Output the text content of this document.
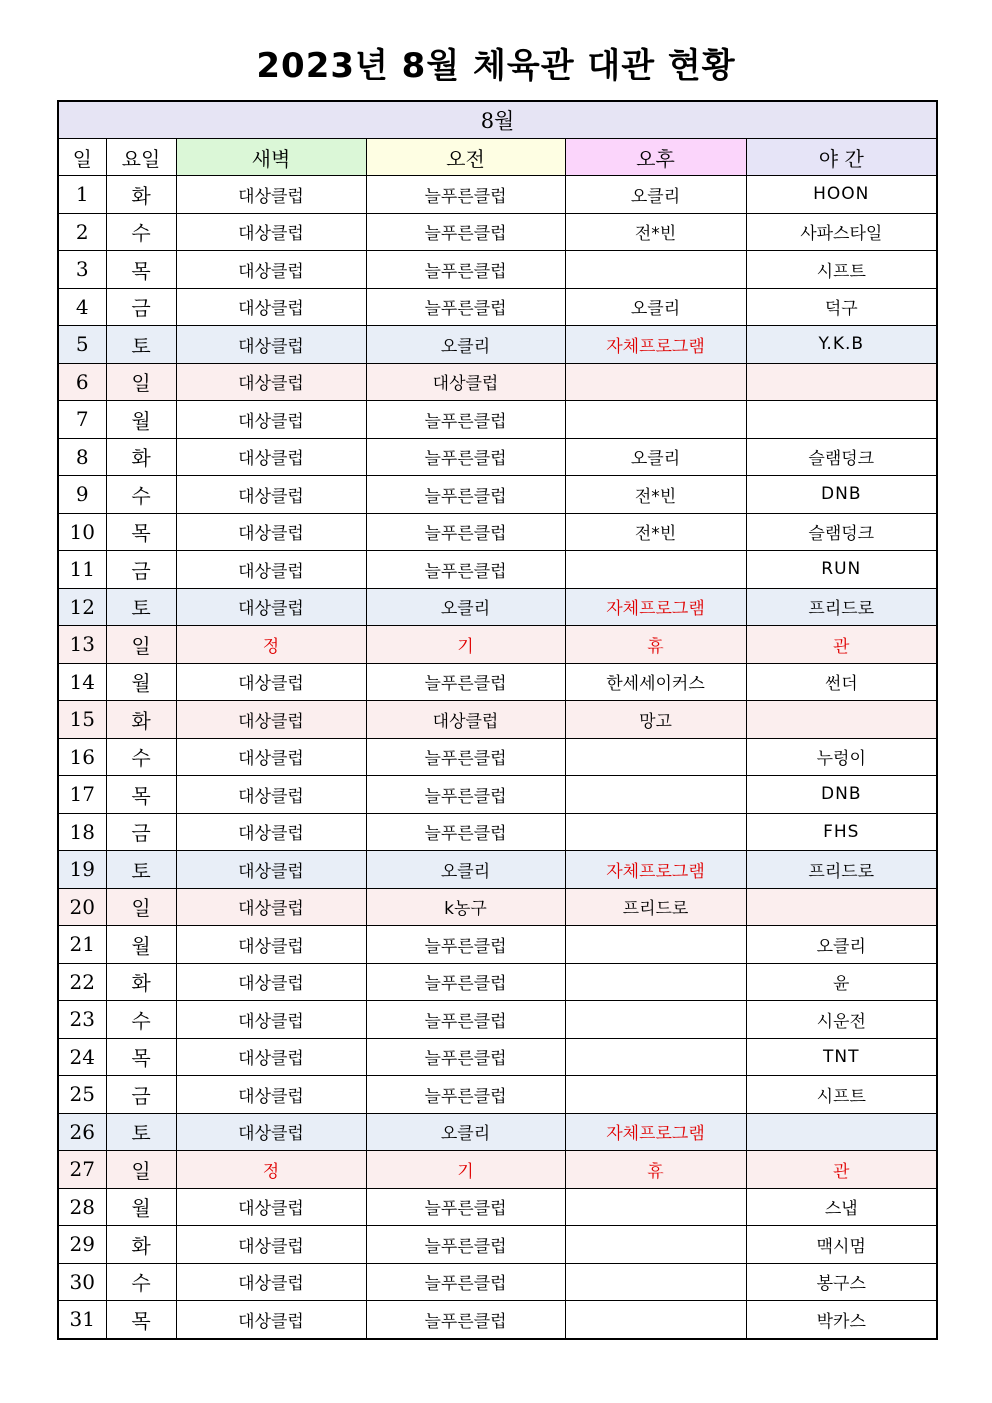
2023년 8월 체육관 대관 현황
8월					
일	요일	새벽	오전	오후	야 간
1	화	대상클럽	늘푸른클럽	오클리	HOON
2	수	대상클럽	늘푸른클럽	전*빈	사파스타일
3	목	대상클럽	늘푸른클럽		시프트
4	금	대상클럽	늘푸른클럽	오클리	덕구
5	토	대상클럽	오클리	자체프로그램	Y.K.B
6	일	대상클럽	대상클럽		
7	월	대상클럽	늘푸른클럽		
8	화	대상클럽	늘푸른클럽	오클리	슬램덩크
9	수	대상클럽	늘푸른클럽	전*빈	DNB
10	목	대상클럽	늘푸른클럽	전*빈	슬램덩크
11	금	대상클럽	늘푸른클럽		RUN
12	토	대상클럽	오클리	자체프로그램	프리드로
13	일	정	기	휴	관
14	월	대상클럽	늘푸른클럽	한세세이커스	썬더
15	화	대상클럽	대상클럽	망고	
16	수	대상클럽	늘푸른클럽		누렁이
17	목	대상클럽	늘푸른클럽		DNB
18	금	대상클럽	늘푸른클럽		FHS
19	토	대상클럽	오클리	자체프로그램	프리드로
20	일	대상클럽	k농구	프리드로	
21	월	대상클럽	늘푸른클럽		오클리
22	화	대상클럽	늘푸른클럽		윤
23	수	대상클럽	늘푸른클럽		시운전
24	목	대상클럽	늘푸른클럽		TNT
25	금	대상클럽	늘푸른클럽		시프트
26	토	대상클럽	오클리	자체프로그램	
27	일	정	기	휴	관
28	월	대상클럽	늘푸른클럽		스냅
29	화	대상클럽	늘푸른클럽		맥시멈
30	수	대상클럽	늘푸른클럽		봉구스
31	목	대상클럽	늘푸른클럽		박카스
